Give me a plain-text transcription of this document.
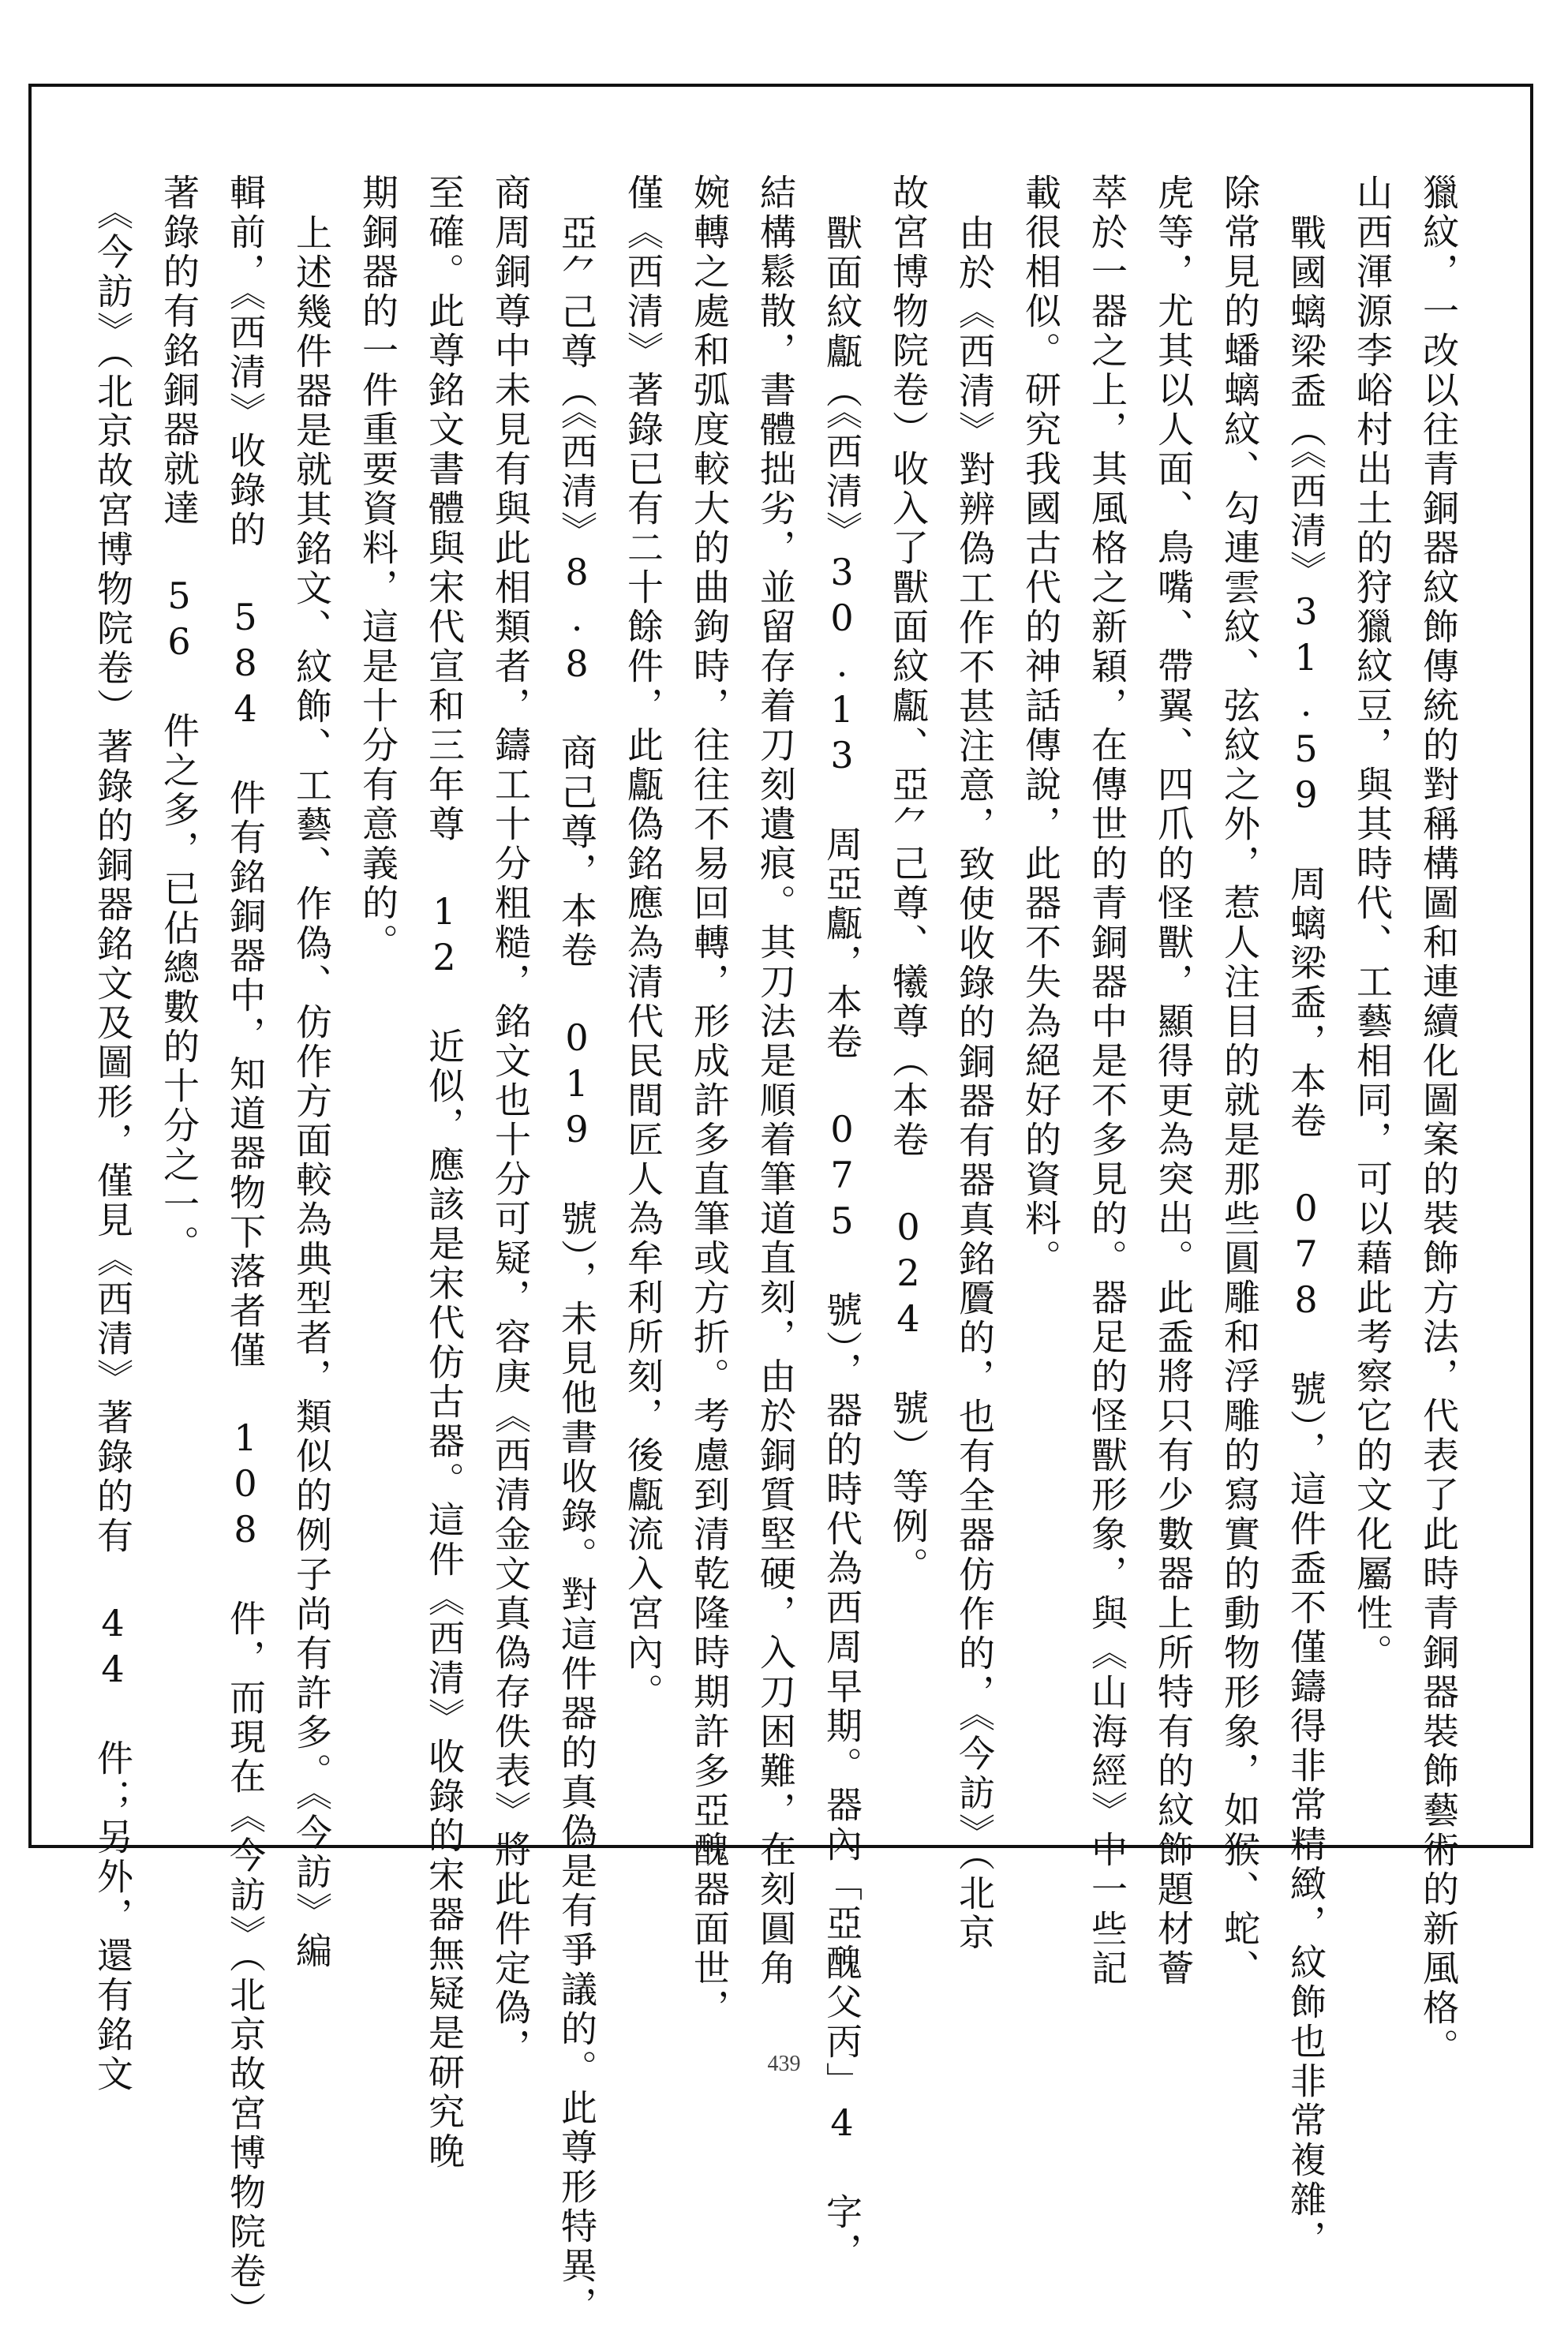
獵紋，一改以往青銅器紋飾傳統的對稱構圖和連續化圖案的裝飾方法，代表了此時青銅器裝飾藝術的新風格。
山西渾源李峪村出土的狩獵紋豆，與其時代、工藝相同，可以藉此考察它的文化屬性。
戰國螭梁盉（《西清》31.59 周螭梁盉，本卷 078 號），這件盉不僅鑄得非常精緻，紋飾也非常複雜，
除常見的蟠螭紋、勾連雲紋、弦紋之外，惹人注目的就是那些圓雕和浮雕的寫實的動物形象，如猴、蛇、
虎等，尤其以人面、鳥嘴、帶翼、四爪的怪獸，顯得更為突出。此盉將只有少數器上所特有的紋飾題材薈
萃於一器之上，其風格之新穎，在傳世的青銅器中是不多見的。器足的怪獸形象，與《山海經》中一些記
載很相似。研究我國古代的神話傳說，此器不失為絕好的資料。
由於《西清》對辨偽工作不甚注意，致使收錄的銅器有器真銘贗的，也有全器仿作的，《今訪》（北京
故宮博物院卷）收入了獸面紋甗、亞⺈己尊、犧尊（本卷 024 號）等例。
獸面紋甗（《西清》30.13 周亞甗，本卷 075 號），器的時代為西周早期。器內「亞醜父丙」4 字，
結構鬆散，書體拙劣，並留存着刀刻遺痕。其刀法是順着筆道直刻，由於銅質堅硬，入刀困難，在刻圓角
婉轉之處和弧度較大的曲鉤時，往往不易回轉，形成許多直筆或方折。考慮到清乾隆時期許多亞醜器面世，
僅《西清》著錄已有二十餘件，此甗偽銘應為清代民間匠人為牟利所刻，後甗流入宮內。
亞⺈己尊（《西清》8.8 商己尊，本卷 019 號），未見他書收錄。對這件器的真偽是有爭議的。此尊形特異，
商周銅尊中未見有與此相類者，鑄工十分粗糙，銘文也十分可疑，容庚《西清金文真偽存佚表》將此件定偽，
至確。此尊銘文書體與宋代宣和三年尊 12 近似，應該是宋代仿古器。這件《西清》收錄的宋器無疑是研究晚
期銅器的一件重要資料，這是十分有意義的。
上述幾件器是就其銘文、紋飾、工藝、作偽、仿作方面較為典型者，類似的例子尚有許多。《今訪》編
輯前，《西清》收錄的 584 件有銘銅器中，知道器物下落者僅 108 件，而現在《今訪》（北京故宮博物院卷）
著錄的有銘銅器就達 56 件之多，已佔總數的十分之一。
《今訪》（北京故宮博物院卷）著錄的銅器銘文及圖形，僅見《西清》著錄的有 44 件；另外，還有銘文	439
